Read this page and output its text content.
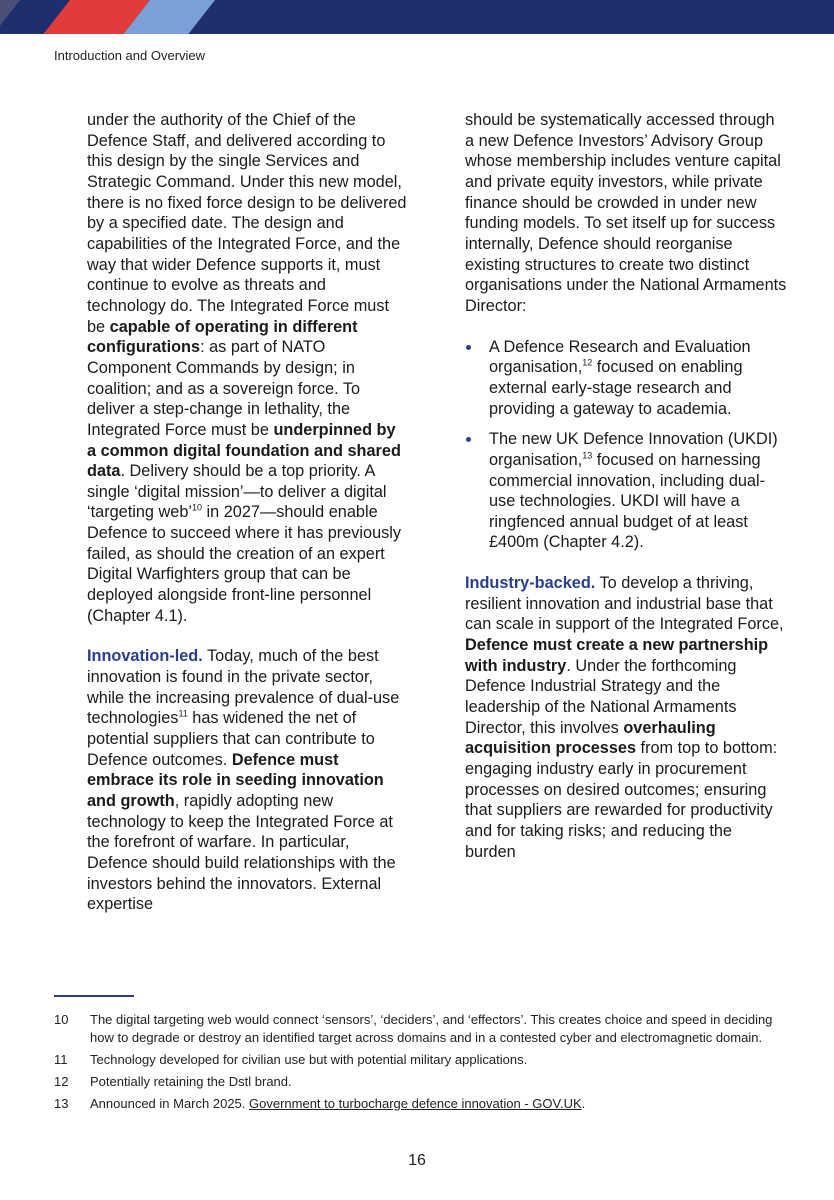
Introduction and Overview

under the authority of the Chief of the Defence Staff, and delivered according to this design by the single Services and Strategic Command. Under this new model, there is no fixed force design to be delivered by a specified date. The design and capabilities of the Integrated Force, and the way that wider Defence supports it, must continue to evolve as threats and technology do. The Integrated Force must be capable of operating in different configurations: as part of NATO Component Commands by design; in coalition; and as a sovereign force. To deliver a step-change in lethality, the Integrated Force must be underpinned by a common digital foundation and shared data. Delivery should be a top priority. A single ‘digital mission’—to deliver a digital ‘targeting web’$^{10}$ in 2027—should enable Defence to succeed where it has previously failed, as should the creation of an expert Digital Warfighters group that can be deployed alongside front-line personnel (Chapter 4.1).

Innovation-led. Today, much of the best innovation is found in the private sector, while the increasing prevalence of dual-use technologies$^{11}$ has widened the net of potential suppliers that can contribute to Defence outcomes. Defence must embrace its role in seeding innovation and growth, rapidly adopting new technology to keep the Integrated Force at the forefront of warfare. In particular, Defence should build relationships with the investors behind the innovators. External expertise

should be systematically accessed through a new Defence Investors’ Advisory Group whose membership includes venture capital and private equity investors, while private finance should be crowded in under new funding models. To set itself up for success internally, Defence should reorganise existing structures to create two distinct organisations under the National Armaments Director:

A Defence Research and Evaluation organisation,$^{12}$ focused on enabling external early-stage research and providing a gateway to academia.
The new UK Defence Innovation (UKDI) organisation,$^{13}$ focused on harnessing commercial innovation, including dual-use technologies. UKDI will have a ringfenced annual budget of at least £400m (Chapter 4.2).

Industry-backed. To develop a thriving, resilient innovation and industrial base that can scale in support of the Integrated Force, Defence must create a new partnership with industry. Under the forthcoming Defence Industrial Strategy and the leadership of the National Armaments Director, this involves overhauling acquisition processes from top to bottom: engaging industry early in procurement processes on desired outcomes; ensuring that suppliers are rewarded for productivity and for taking risks; and reducing the burden

10	The digital targeting web would connect ‘sensors’, ‘deciders’, and ‘effectors’. This creates choice and speed in deciding how to degrade or destroy an identified target across domains and in a contested cyber and electromagnetic domain.
11	Technology developed for civilian use but with potential military applications.
12	Potentially retaining the Dstl brand.
13	Announced in March 2025. Government to turbocharge defence innovation - GOV.UK.
16
